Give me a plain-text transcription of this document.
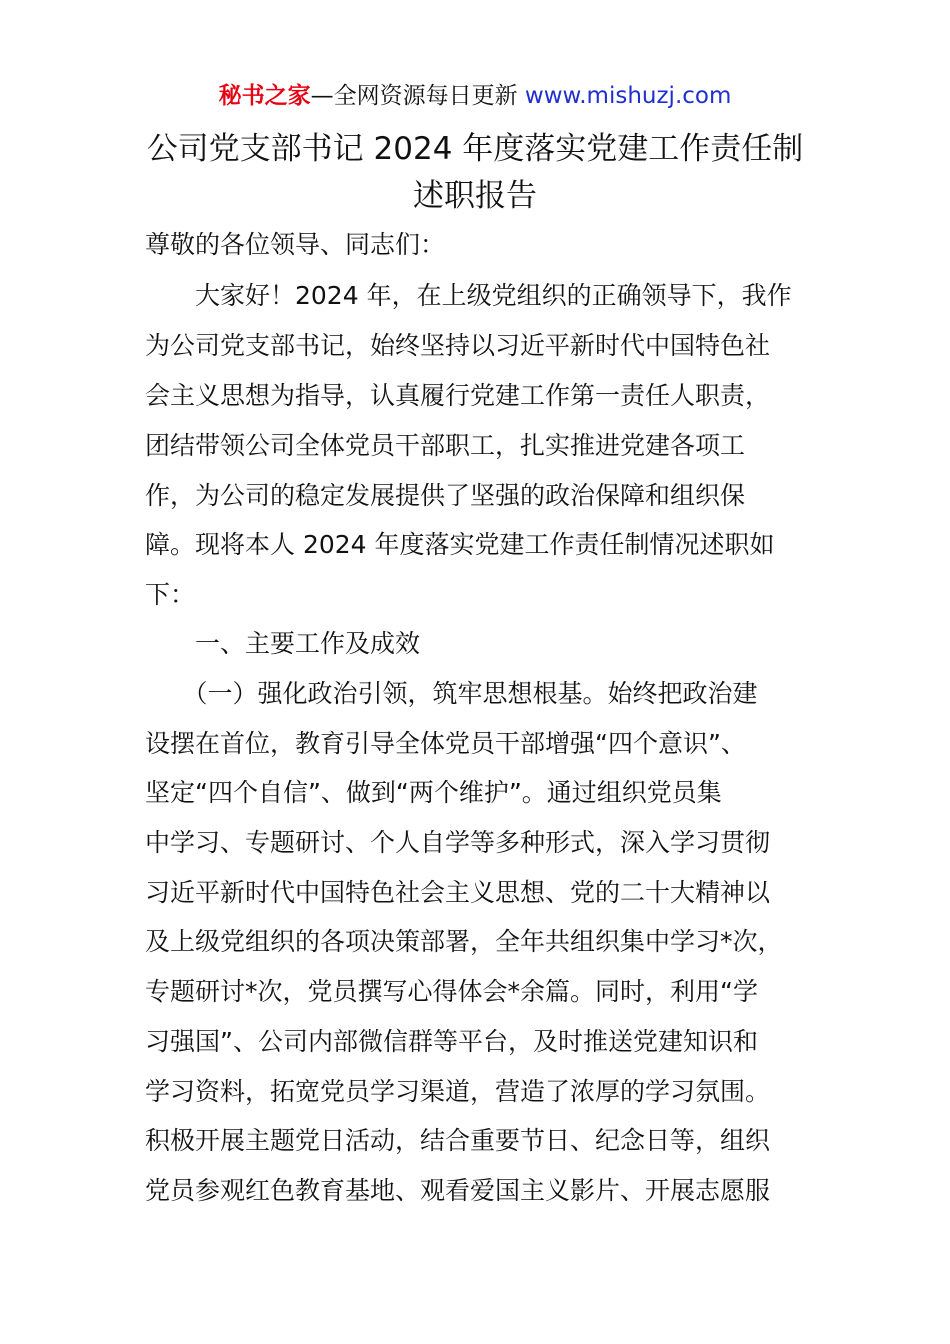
秘书之家—全网资源每日更新 www.mishuzj.com
公司党支部书记 2024 年度落实党建工作责任制
述职报告
尊敬的各位领导、同志们：
　　大家好！2024 年，在上级党组织的正确领导下，我作
为公司党支部书记，始终坚持以习近平新时代中国特色社
会主义思想为指导，认真履行党建工作第一责任人职责，
团结带领公司全体党员干部职工，扎实推进党建各项工
作，为公司的稳定发展提供了坚强的政治保障和组织保
障。现将本人 2024 年度落实党建工作责任制情况述职如
下：
　　一、主要工作及成效
　　（一）强化政治引领，筑牢思想根基。始终把政治建
设摆在首位，教育引导全体党员干部增强“四个意识”、
坚定“四个自信”、做到“两个维护”。通过组织党员集
中学习、专题研讨、个人自学等多种形式，深入学习贯彻
习近平新时代中国特色社会主义思想、党的二十大精神以
及上级党组织的各项决策部署，全年共组织集中学习*次，
专题研讨*次，党员撰写心得体会*余篇。同时，利用“学
习强国”、公司内部微信群等平台，及时推送党建知识和
学习资料，拓宽党员学习渠道，营造了浓厚的学习氛围。
积极开展主题党日活动，结合重要节日、纪念日等，组织
党员参观红色教育基地、观看爱国主义影片、开展志愿服
